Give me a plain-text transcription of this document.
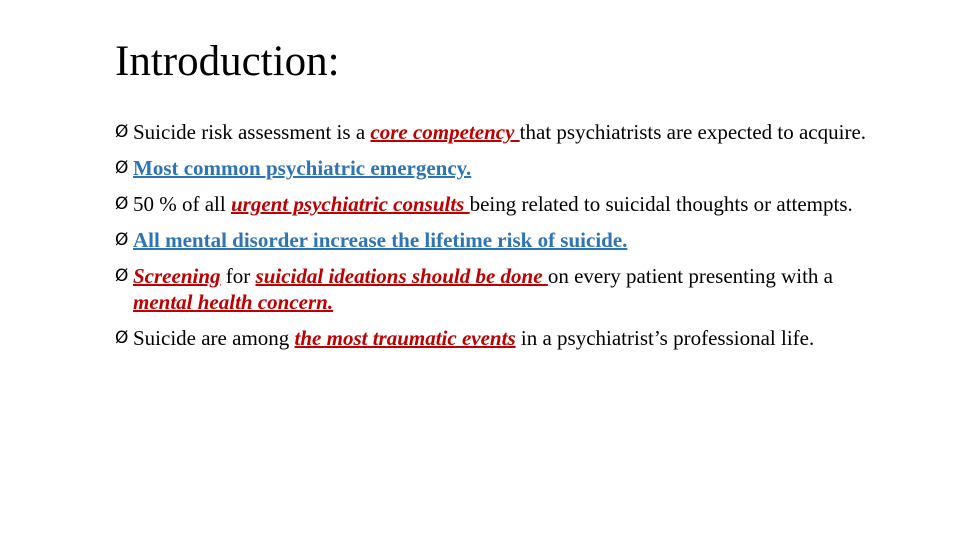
Introduction:
Ø Suicide risk assessment is a core competency that psychiatrists are expected to acquire.
Ø Most common psychiatric emergency.
Ø 50 % of all urgent psychiatric consults being related to suicidal thoughts or attempts.
Ø All mental disorder increase the lifetime risk of suicide.
Ø Screening for suicidal ideations should be done on every patient presenting with a mental health concern.
Ø Suicide are among the most traumatic events in a psychiatrist’s professional life.
